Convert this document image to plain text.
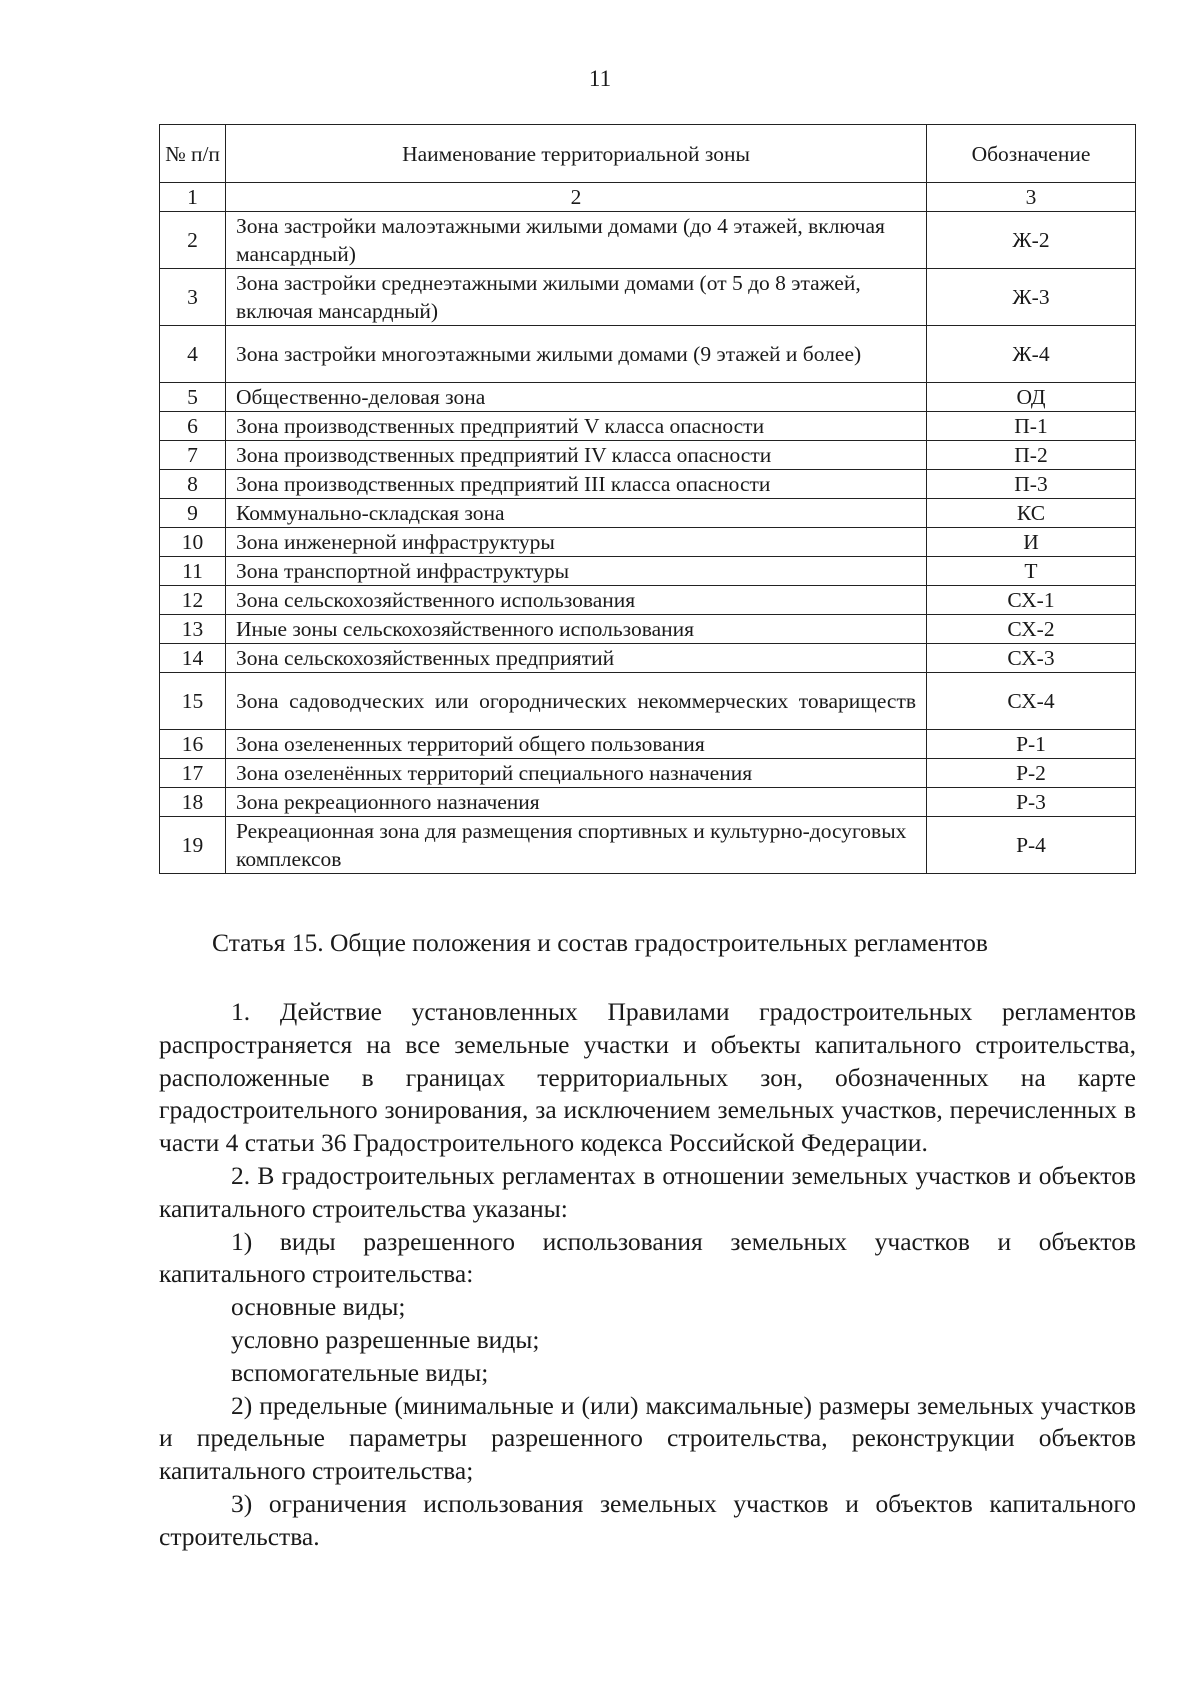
11
№ п/п	Наименование территориальной зоны	Обозначение
1	2	3
2	Зона застройки малоэтажными жилыми домами (до 4 этажей, включая мансардный)	Ж-2
3	Зона застройки среднеэтажными жилыми домами (от 5 до 8 этажей, включая мансардный)	Ж-3
4	Зона застройки многоэтажными жилыми домами (9 этажей и более)	Ж-4
5	Общественно-деловая зона	ОД
6	Зона производственных предприятий V класса опасности	П-1
7	Зона производственных предприятий IV класса опасности	П-2
8	Зона производственных предприятий III класса опасности	П-3
9	Коммунально-складская зона	КС
10	Зона инженерной инфраструктуры	И
11	Зона транспортной инфраструктуры	Т
12	Зона сельскохозяйственного использования	СХ-1
13	Иные зоны сельскохозяйственного использования	СХ-2
14	Зона сельскохозяйственных предприятий	СХ-3
15	Зона садоводческих или огороднических некоммерческих товариществ	СХ-4
16	Зона озелененных территорий общего пользования	Р-1
17	Зона озеленённых территорий специального назначения	Р-2
18	Зона рекреационного назначения	Р-3
19	Рекреационная зона для размещения спортивных и культурно-досуговых комплексов	Р-4
Статья 15. Общие положения и состав градостроительных регламентов

1. Действие установленных Правилами градостроительных регламентов распространяется на все земельные участки и объекты капитального строительства, расположенные в границах территориальных зон, обозначенных на карте градостроительного зонирования, за исключением земельных участков, перечисленных в части 4 статьи 36 Градостроительного кодекса Российской Федерации.

2. В градостроительных регламентах в отношении земельных участков и объектов капитального строительства указаны:

1) виды разрешенного использования земельных участков и объектов капитального строительства:

основные виды;

условно разрешенные виды;

вспомогательные виды;

2) предельные (минимальные и (или) максимальные) размеры земельных участков и предельные параметры разрешенного строительства, реконструкции объектов капитального строительства;

3) ограничения использования земельных участков и объектов капитального строительства.
